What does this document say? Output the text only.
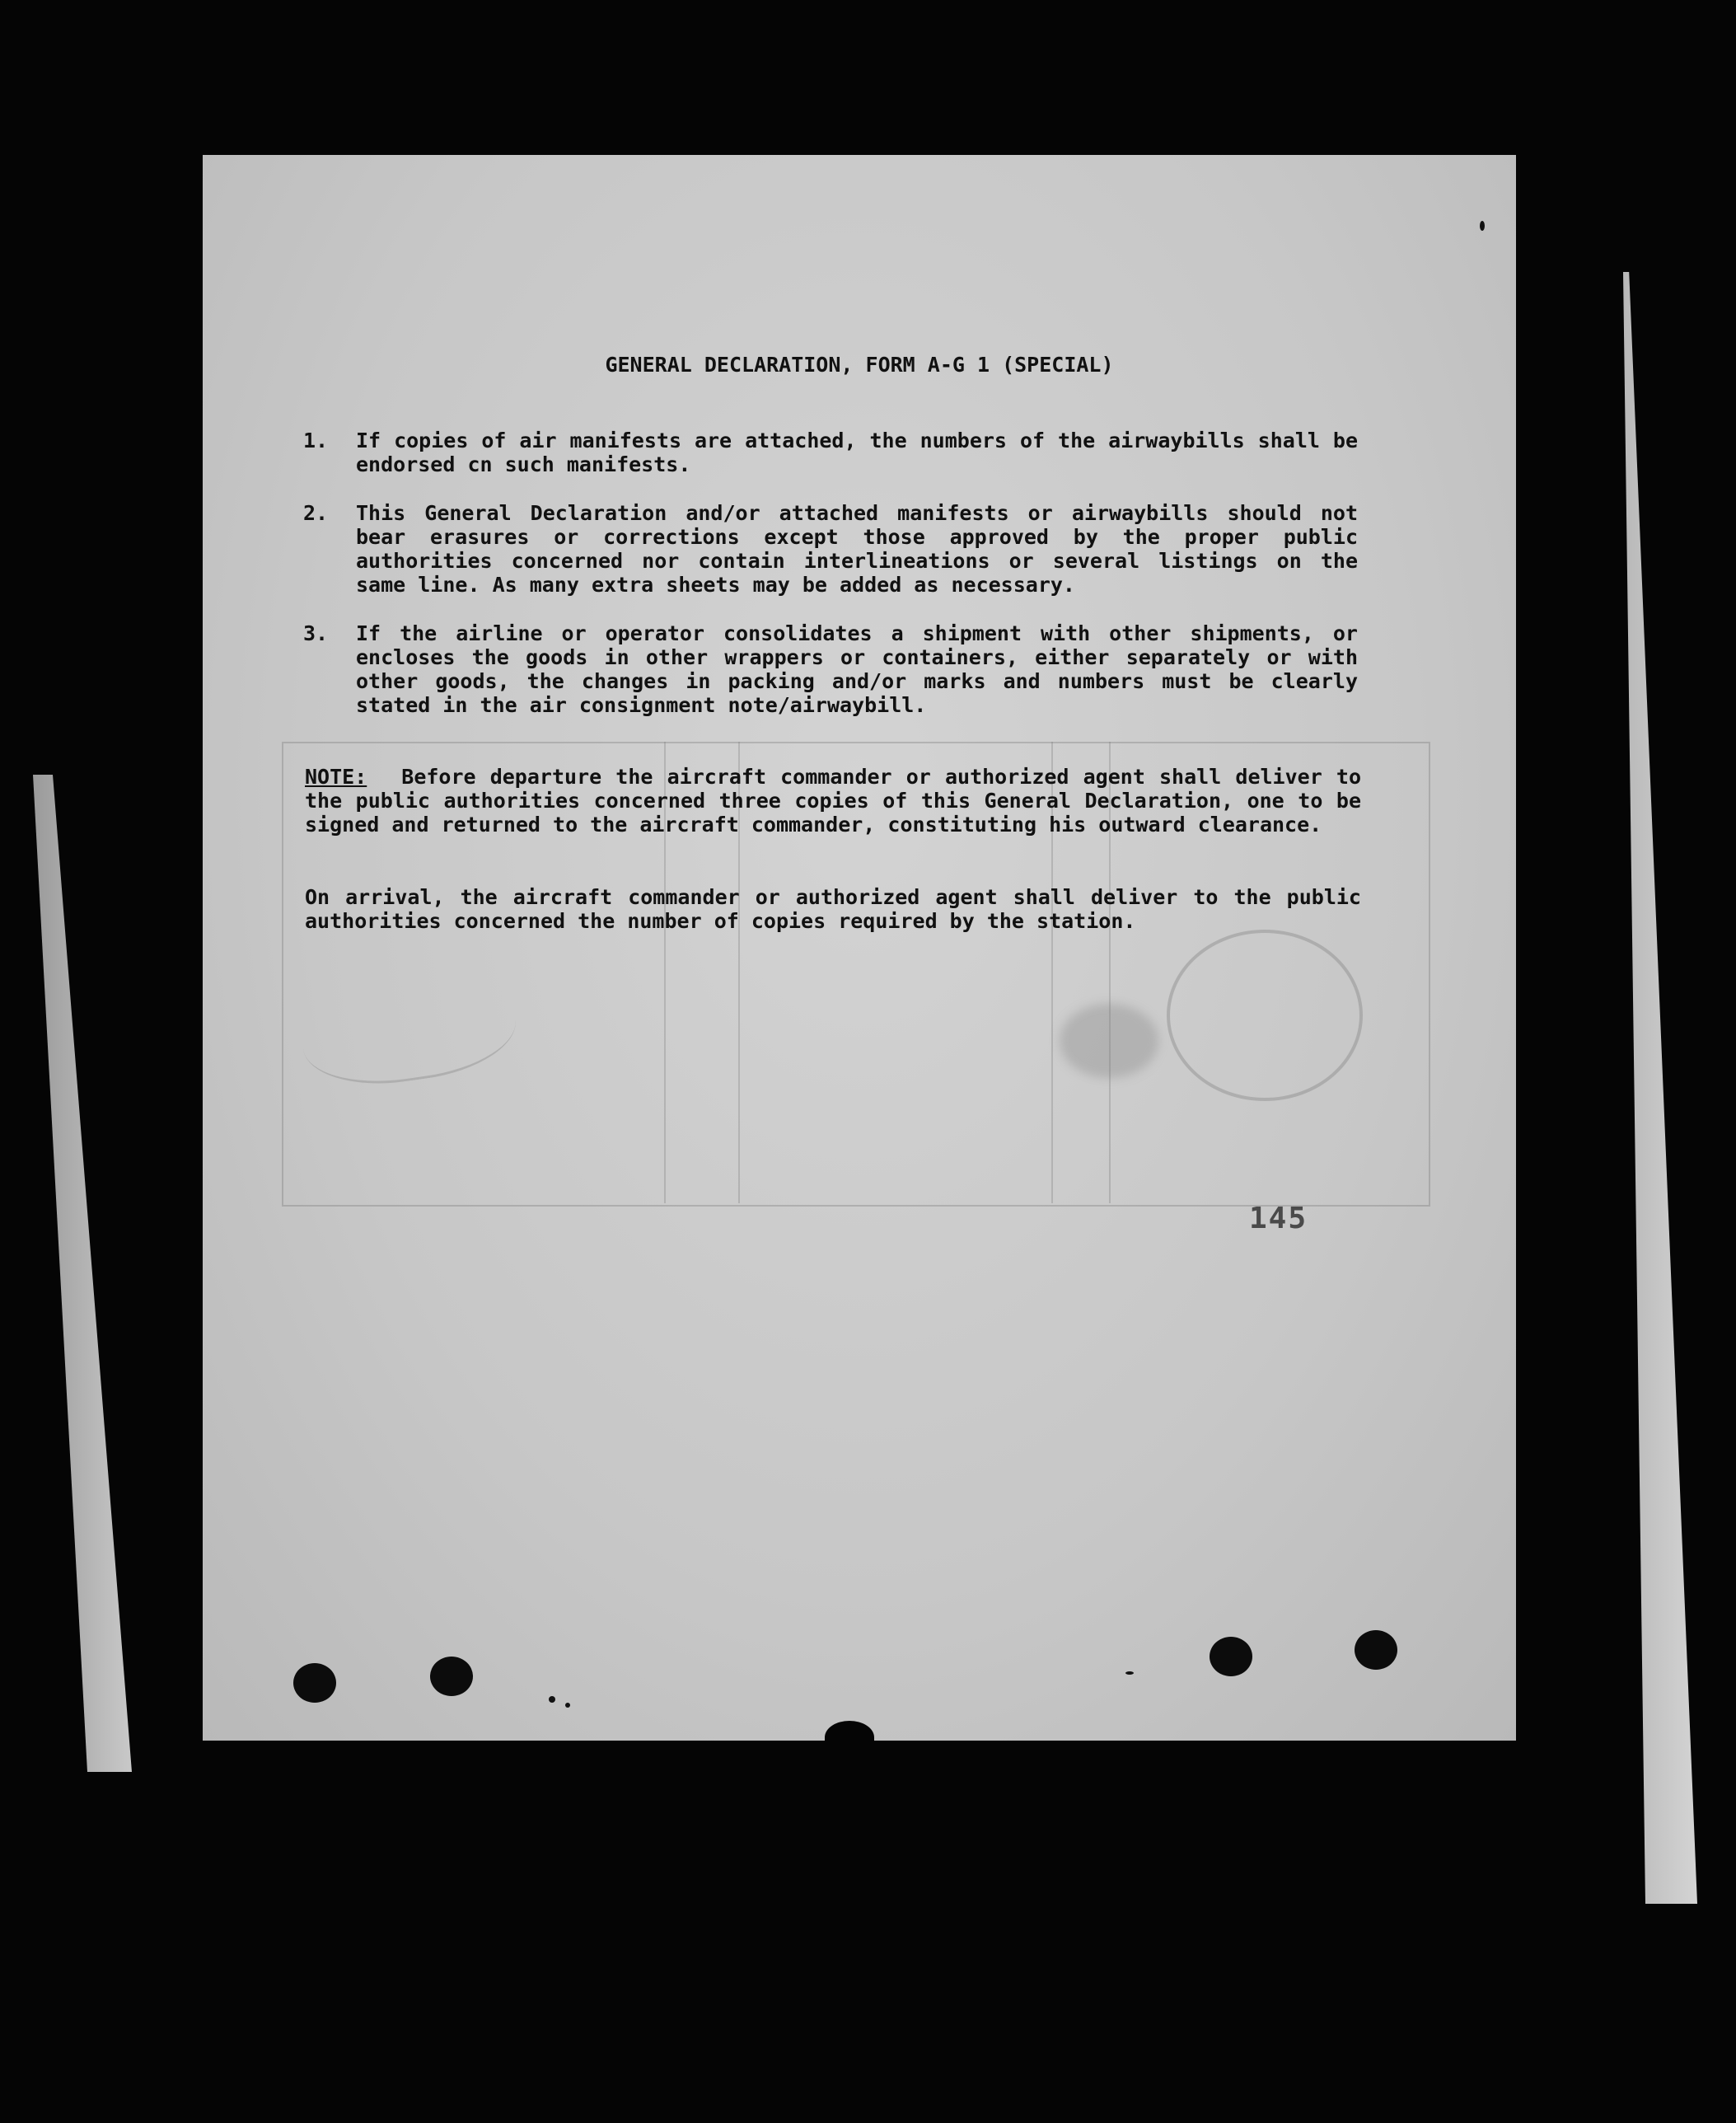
GENERAL DECLARATION, FORM A-G 1 (SPECIAL)
1. If copies of air manifests are attached, the numbers of the airwaybills shall be endorsed cn such manifests.
2. This General Declaration and/or attached manifests or airwaybills should not bear erasures or corrections except those approved by the proper public authorities concerned nor contain interlineations or several listings on the same line. As many extra sheets may be added as necessary.
3. If the airline or operator consolidates a shipment with other shipments, or encloses the goods in other wrappers or containers, either separately or with other goods, the changes in packing and/or marks and numbers must be clearly stated in the air consignment note/airwaybill.
NOTE: Before departure the aircraft commander or authorized agent shall deliver to the public authorities concerned three copies of this General Declaration, one to be signed and returned to the aircraft commander, constituting his outward clearance.
On arrival, the aircraft commander or authorized agent shall deliver to the public authorities concerned the number of copies required by the station.
145
